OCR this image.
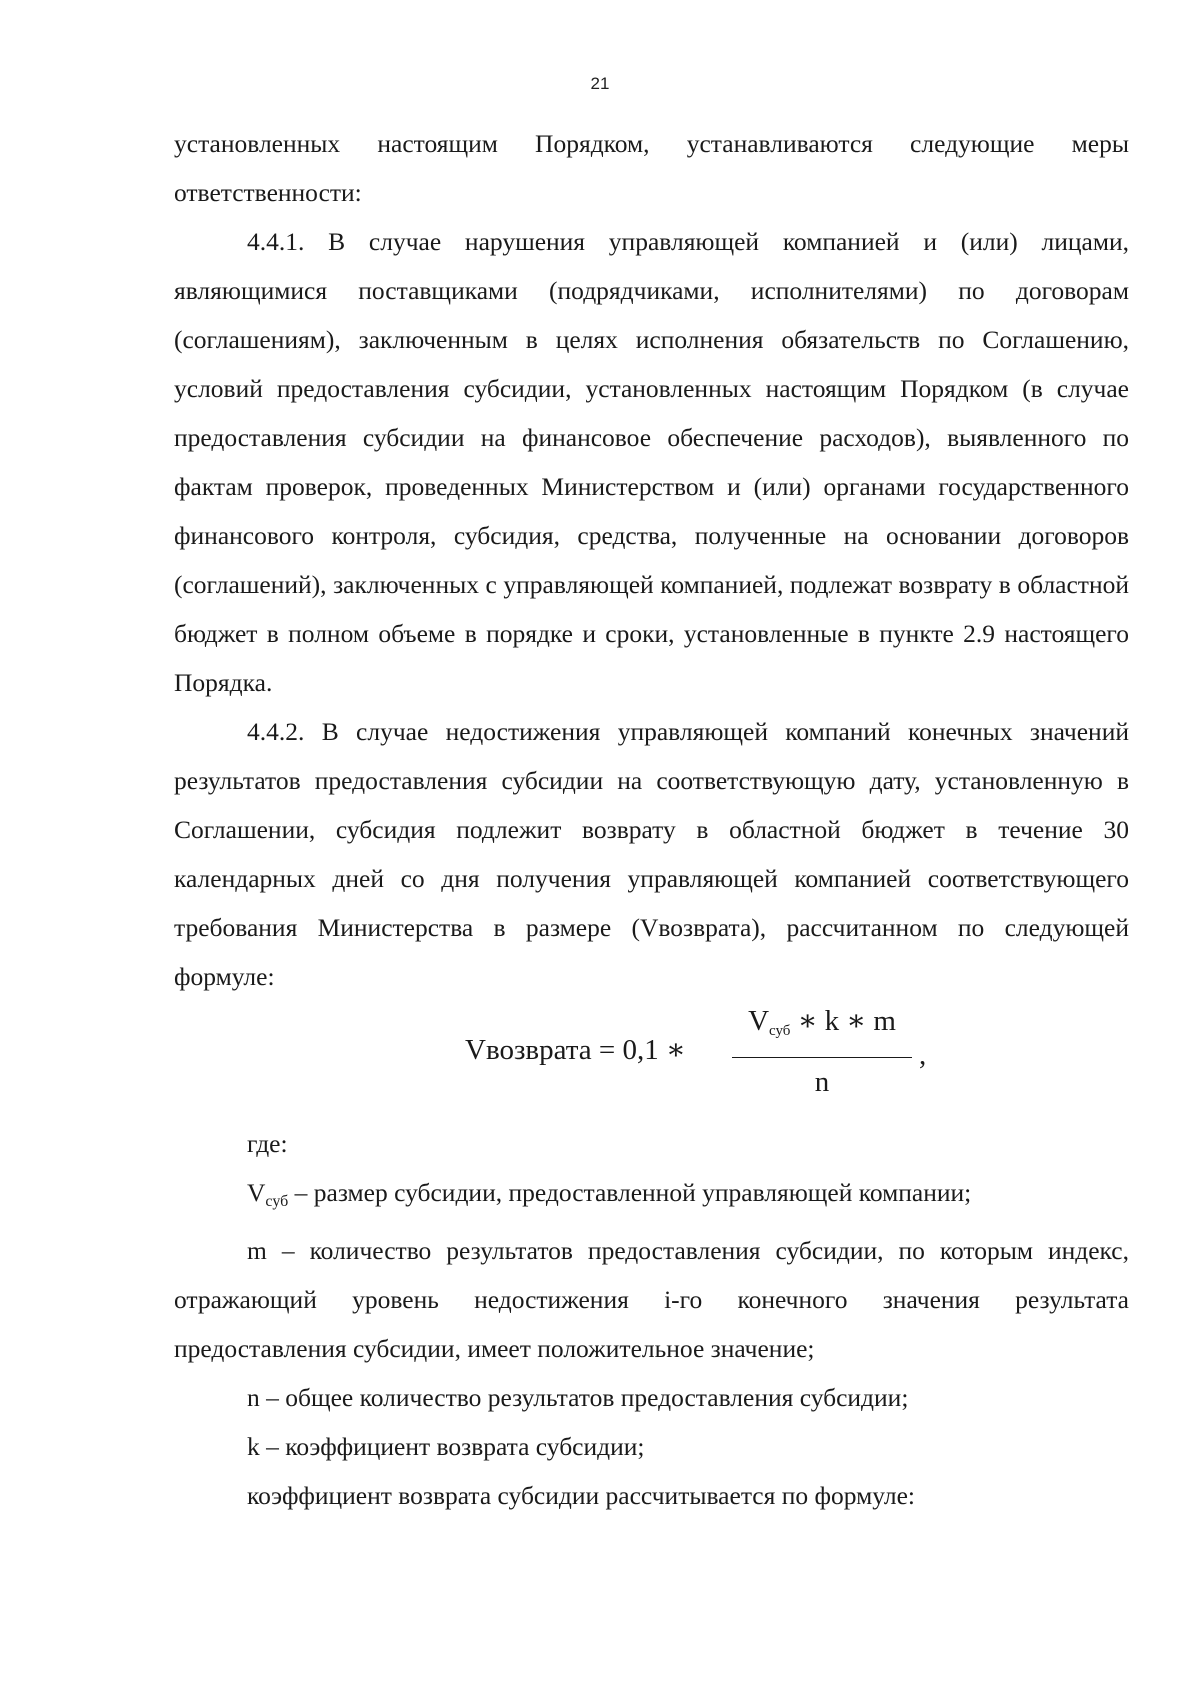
21

установленных настоящим Порядком, устанавливаются следующие меры ответственности:

4.4.1. В случае нарушения управляющей компанией и (или) лицами, являющимися поставщиками (подрядчиками, исполнителями) по договорам (соглашениям), заключенным в целях исполнения обязательств по Соглашению, условий предоставления субсидии, установленных настоящим Порядком (в случае предоставления субсидии на финансовое обеспечение расходов), выявленного по фактам проверок, проведенных Министерством и (или) органами государственного финансового контроля, субсидия, средства, полученные на основании договоров (соглашений), заключенных с управляющей компанией, подлежат возврату в областной бюджет в полном объеме в порядке и сроки, установленные в пункте 2.9 настоящего Порядка.

4.4.2. В случае недостижения управляющей компаний конечных значений результатов предоставления субсидии на соответствующую дату, установленную в Соглашении, субсидия подлежит возврату в областной бюджет в течение 30 календарных дней со дня получения управляющей компанией соответствующего требования Министерства в размере (Vвозврата), рассчитанном по следующей формуле:

Vвозврата = 0,1 ∗
Vсуб ∗ k ∗ m
n
,

где:

$V_{суб}$ – размер субсидии, предоставленной управляющей компании;

m – количество результатов предоставления субсидии, по которым индекс, отражающий уровень недостижения i-го конечного значения результата предоставления субсидии, имеет положительное значение;

n – общее количество результатов предоставления субсидии;

k – коэффициент возврата субсидии;

коэффициент возврата субсидии рассчитывается по формуле:
